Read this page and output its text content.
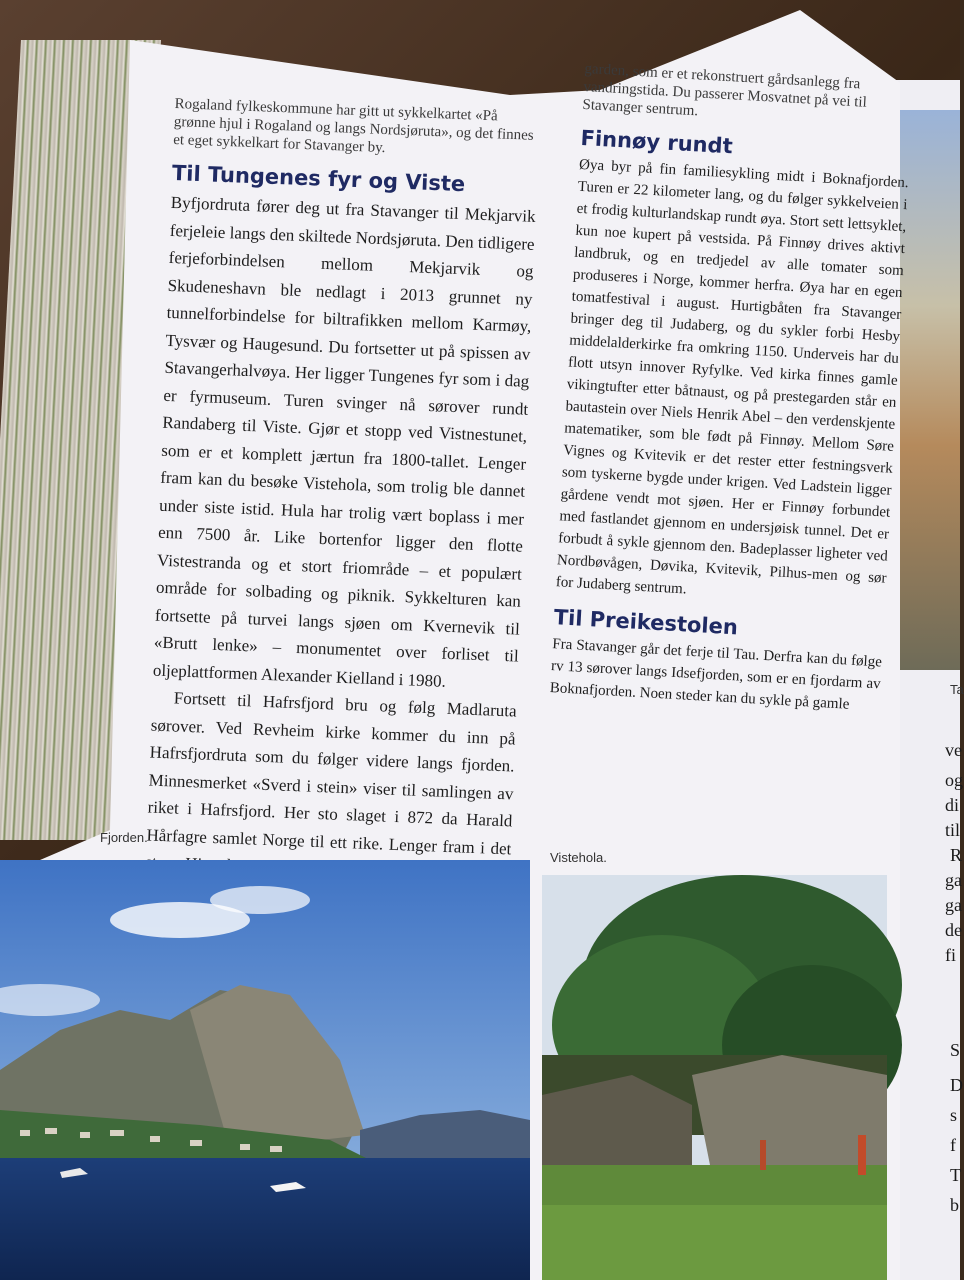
Ta
ve
og
di
til
R
ga
ga
de
fi
S
D
s
f
T
b

Rogaland fylkeskommune har gitt ut sykkelkartet «På grønne hjul i Rogaland og langs Nordsjøruta», og det finnes et eget sykkelkart for Stavanger by.

Til Tungenes fyr og Viste

Byfjordruta fører deg ut fra Stavanger til Mekjarvik ferjeleie langs den skiltede Nordsjøruta. Den tidligere ferjeforbindelsen mellom Mekjarvik og Skudeneshavn ble nedlagt i 2013 grunnet ny tunnelforbindelse for biltrafikken mellom Karmøy, Tysvær og Haugesund. Du fortsetter ut på spissen av Stavangerhalvøya. Her ligger Tungenes fyr som i dag er fyrmuseum. Turen svinger nå sørover rundt Randaberg til Viste. Gjør et stopp ved Vistnestunet, som er et komplett jærtun fra 1800-tallet. Lenger fram kan du besøke Vistehola, som trolig ble dannet under siste istid. Hula har trolig vært boplass i mer enn 7500 år. Like bortenfor ligger den flotte Vistestranda og et stort friområde – et populært område for solbading og piknik. Sykkelturen kan fortsette på turvei langs sjøen om Kvernevik til «Brutt lenke» – monumentet over forliset til oljeplattformen Alexander Kielland i 1980.

Fortsett til Hafrsfjord bru og følg Madlaruta sørover. Ved Revheim kirke kommer du inn på Hafrsfjordruta som du følger videre langs fjorden. Minnesmerket «Sverd i stein» viser til samlingen av riket i Hafrsfjord. Her sto slaget i 872 da Harald Hårfagre samlet Norge til ett rike. Lenger fram i det

garden, som er et rekonstruert gårdsanlegg fra vandringstida. Du passerer Mosvatnet på vei til Stavanger sentrum.

Finnøy rundt

Øya byr på fin familiesykling midt i Boknafjorden. Turen er 22 kilometer lang, og du følger sykkelveien i et frodig kulturlandskap rundt øya. Stort sett lettsyklet, kun noe kupert på vestsida. På Finnøy drives aktivt landbruk, og en tredjedel av alle tomater som produseres i Norge, kommer herfra. Øya har en egen tomatfestival i august. Hurtigbåten fra Stavanger bringer deg til Judaberg, og du sykler forbi Hesby middelalderkirke fra omkring 1150. Underveis har du flott utsyn innover Ryfylke. Ved kirka finnes gamle vikingtufter etter båtnaust, og på prestegarden står en bautastein over Niels Henrik Abel – den verdenskjente matematiker, som ble født på Finnøy. Mellom Søre Vignes og Kvitevik er det rester etter festningsverk som tyskerne bygde under krigen. Ved Ladstein ligger gårdene vendt mot sjøen. Her er Finnøy forbundet med fastlandet gjennom en undersjøisk tunnel. Det er forbudt å sykle gjennom den. Badeplasser ligheter ved Nordbøvågen, Døvika, Kvitevik, Pilhus-men og sør for Judaberg sentrum.

Til Preikestolen

Fra Stavanger går det ferje til Tau. Derfra kan du følge rv 13 sørover langs Idsefjorden, som er en fjordarm av Boknafjorden. Noen steder kan du sykle på gamle

Fjorden.
Vistehola.
